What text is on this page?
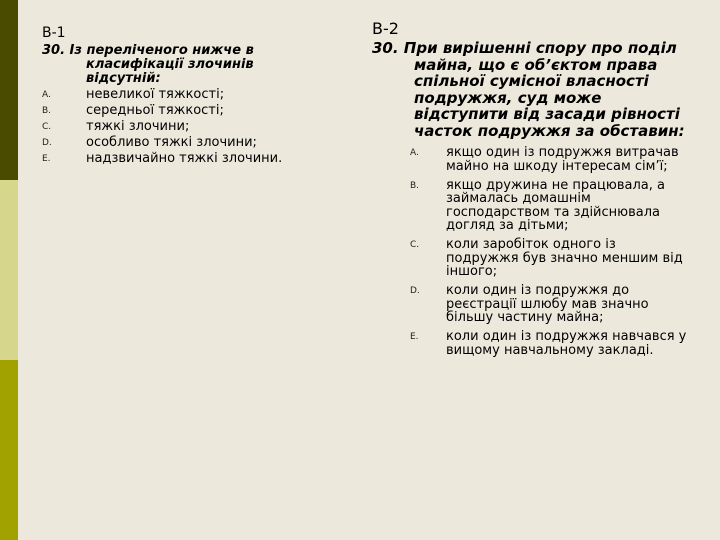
В-1
30. Із переліченого нижче в класифікації злочинів відсутній:
A.	невеликої тяжкості;
B.	середньої тяжкості;
C.	тяжкі злочини;
D.	особливо тяжкі злочини;
E.	надзвичайно тяжкі злочини.
В-2
30. При вирішенні спору про поділ майна, що є об’єктом права спільної сумісної власності подружжя, суд може відступити від засади рівності часток подружжя за обставин:
A.	якщо один із подружжя витрачав майно на шкоду інтересам сім’ї;
B.	якщо дружина не працювала, а займалась домашнім господарством та здійснювала догляд за дітьми;
C.	коли заробіток одного із подружжя був значно меншим від іншого;
D.	коли один із подружжя до реєстрації шлюбу мав значно більшу частину майна;
E.	коли один із подружжя навчався у вищому навчальному закладі.
